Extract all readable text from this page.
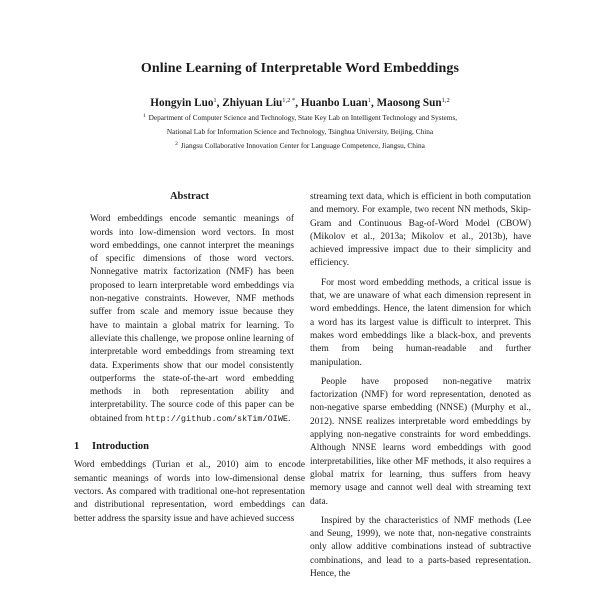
Online Learning of Interpretable Word Embeddings
Hongyin Luo$^1$, Zhiyuan Liu$^{1,2 *}$, Huanbo Luan$^1$, Maosong Sun$^{1,2}$
$^1$ Department of Computer Science and Technology, State Key Lab on Intelligent Technology and Systems,
National Lab for Information Science and Technology, Tsinghua University, Beijing, China
$^2$ Jiangsu Collaborative Innovation Center for Language Competence, Jiangsu, China
Abstract
Word embeddings encode semantic meanings of words into low-dimension word vectors. In most word embeddings, one cannot interpret the meanings of specific dimensions of those word vectors. Nonnegative matrix factorization (NMF) has been proposed to learn interpretable word embeddings via non-negative constraints. However, NMF methods suffer from scale and memory issue because they have to maintain a global matrix for learning. To alleviate this challenge, we propose online learning of interpretable word embeddings from streaming text data. Experiments show that our model consistently outperforms the state-of-the-art word embedding methods in both representation ability and interpretability. The source code of this paper can be obtained from http://github.com/skTim/OIWE.
1 Introduction

Word embeddings (Turian et al., 2010) aim to encode semantic meanings of words into low-dimensional dense vectors. As compared with traditional one-hot representation and distributional representation, word embeddings can better address the sparsity issue and have achieved success

streaming text data, which is efficient in both computation and memory. For example, two recent NN methods, Skip-Gram and Continuous Bag-of-Word Model (CBOW) (Mikolov et al., 2013a; Mikolov et al., 2013b), have achieved impressive impact due to their simplicity and efficiency.

For most word embedding methods, a critical issue is that, we are unaware of what each dimension represent in word embeddings. Hence, the latent dimension for which a word has its largest value is difficult to interpret. This makes word embeddings like a black-box, and prevents them from being human-readable and further manipulation.

People have proposed non-negative matrix factorization (NMF) for word representation, denoted as non-negative sparse embedding (NNSE) (Murphy et al., 2012). NNSE realizes interpretable word embeddings by applying non-negative constraints for word embeddings. Although NNSE learns word embeddings with good interpretabilities, like other MF methods, it also requires a global matrix for learning, thus suffers from heavy memory usage and cannot well deal with streaming text data.

Inspired by the characteristics of NMF methods (Lee and Seung, 1999), we note that, non-negative constraints only allow additive combinations instead of subtractive combinations, and lead to a parts-based representation. Hence, the
